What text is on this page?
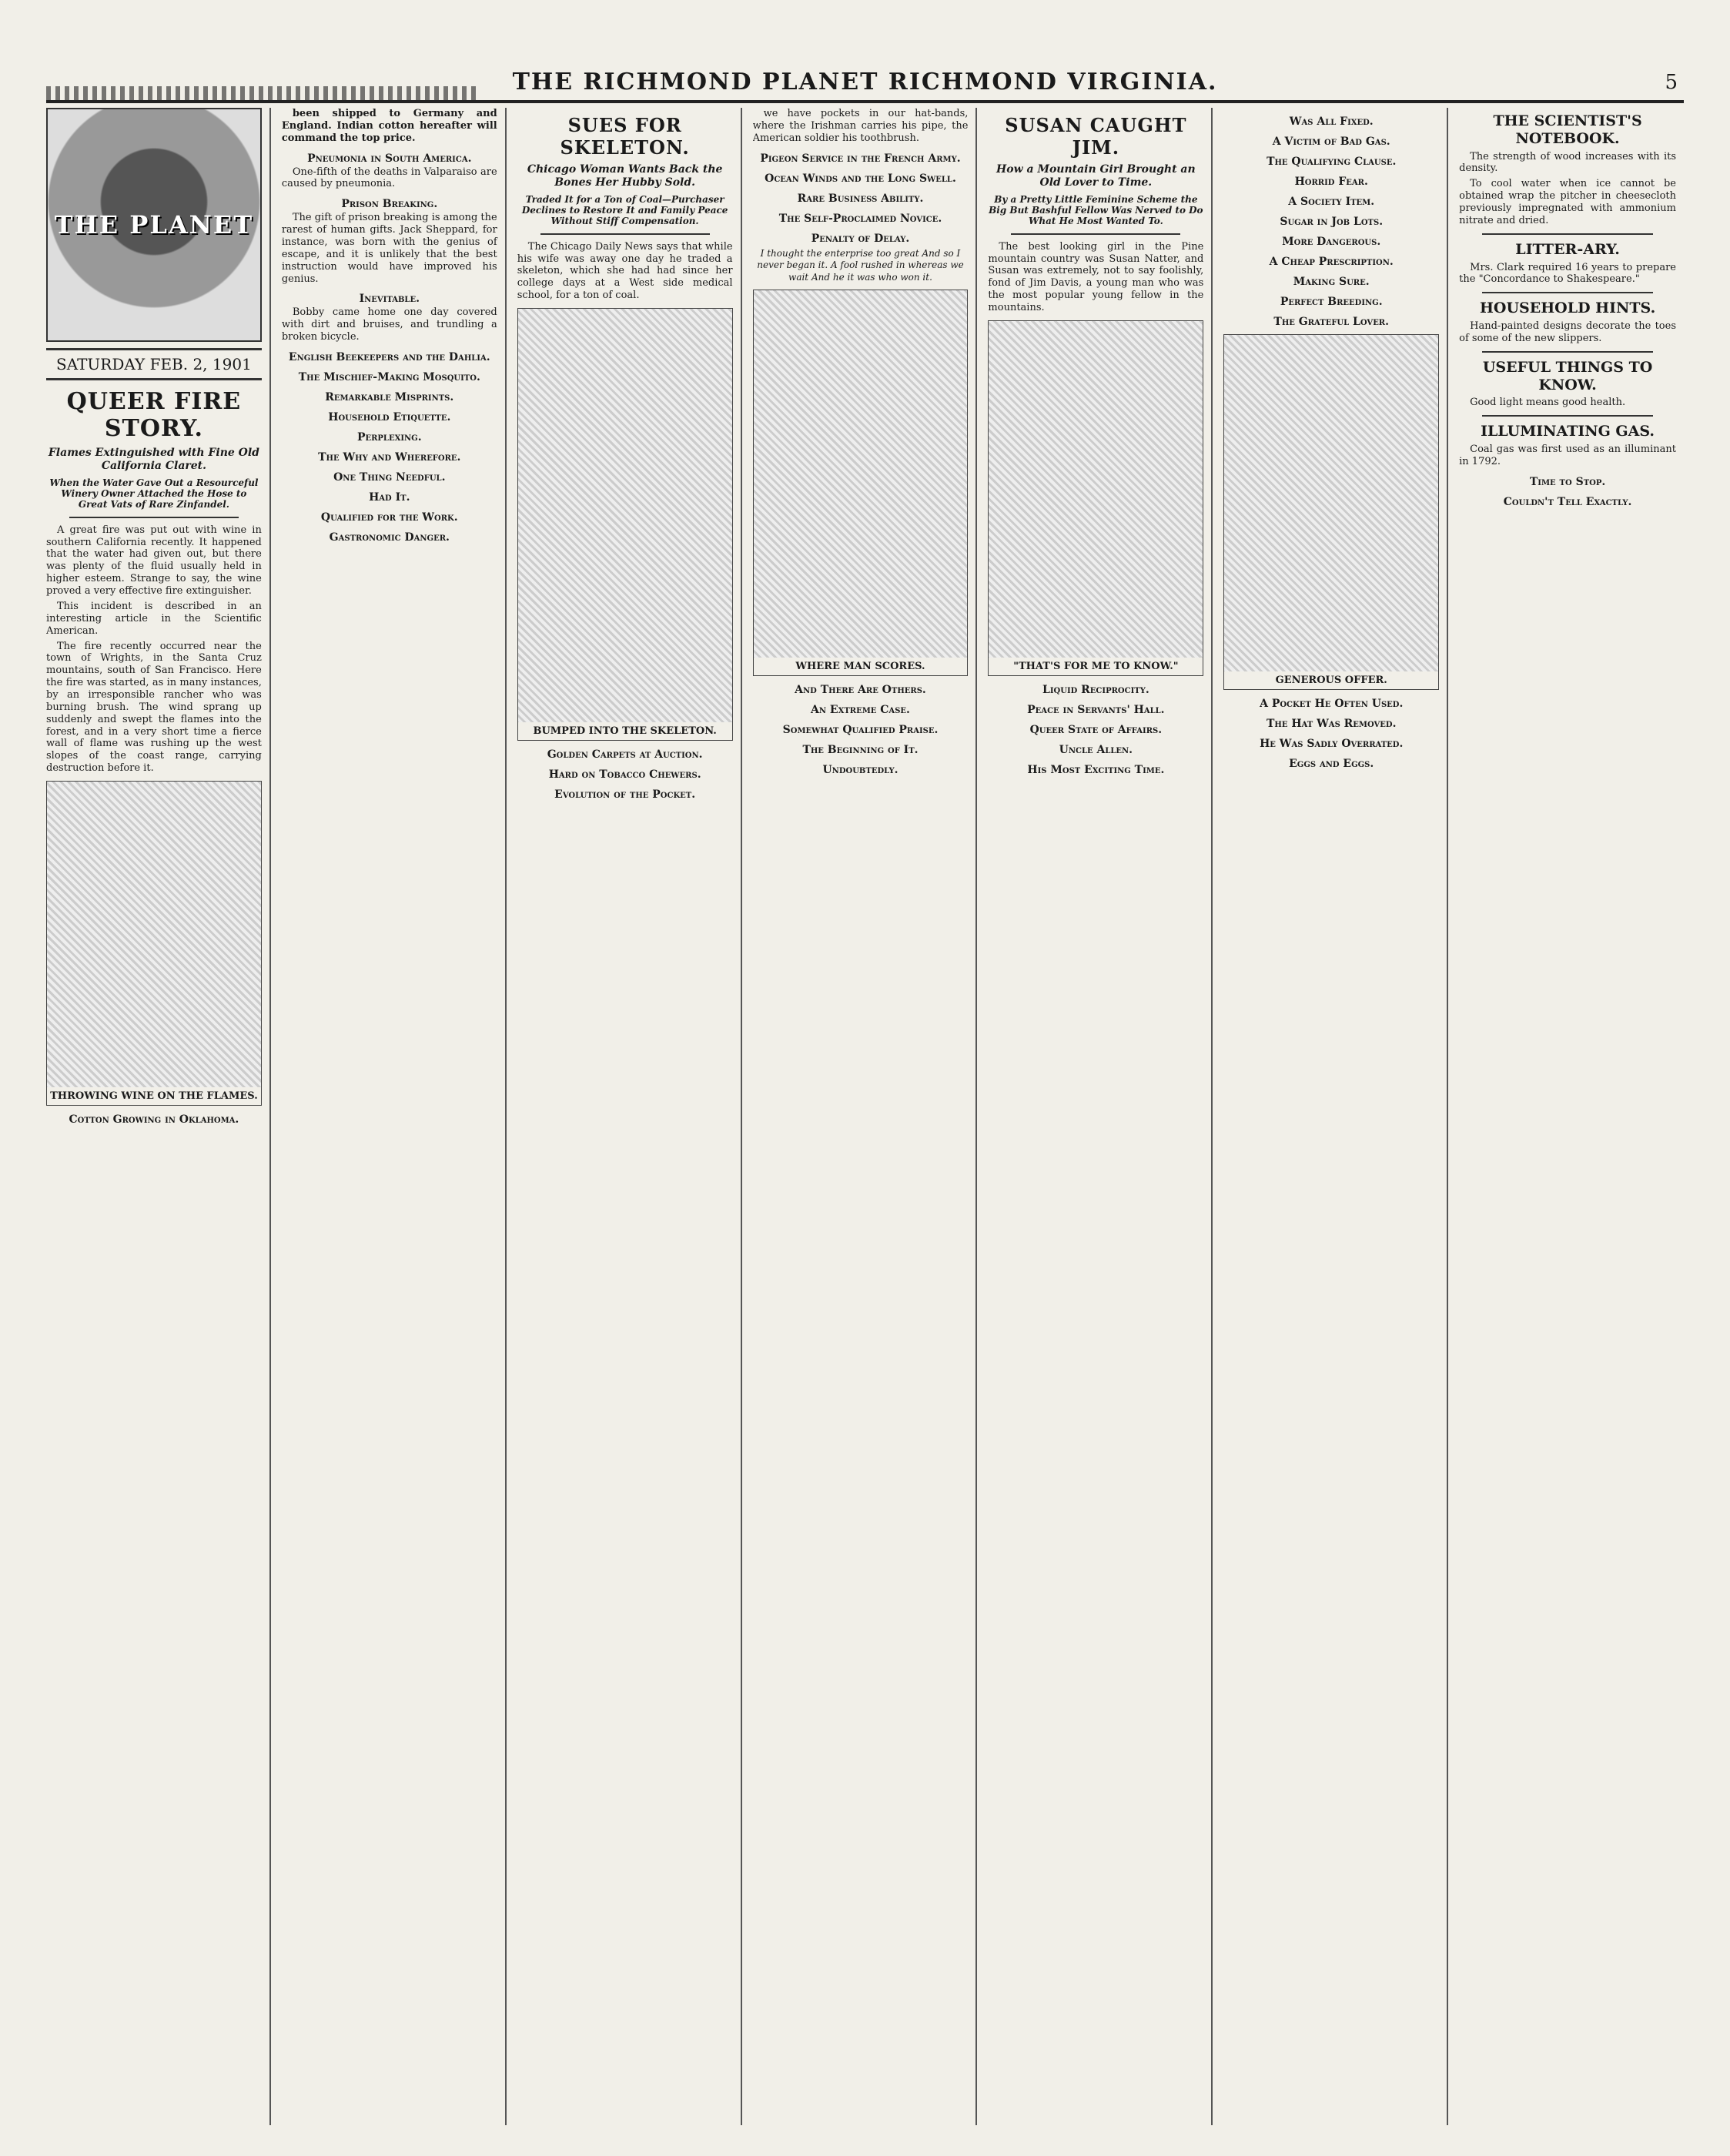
THE RICHMOND PLANET RICHMOND VIRGINIA.	5
THE PLANET
SATURDAY FEB. 2, 1901
QUEER FIRE STORY.
Flames Extinguished with Fine Old California Claret.
When the Water Gave Out a Resourceful Winery Owner Attached the Hose to Great Vats of Rare Zinfandel.

A great fire was put out with wine in southern California recently. It happened that the water had given out, but there was plenty of the fluid usually held in higher esteem. Strange to say, the wine proved a very effective fire extinguisher.

This incident is described in an interesting article in the Scientific American.

The fire recently occurred near the town of Wrights, in the Santa Cruz mountains, south of San Francisco. Here the fire was started, as in many instances, by an irresponsible rancher who was burning brush. The wind sprang up suddenly and swept the flames into the forest, and in a very short time a fierce wall of flame was rushing up the west slopes of the coast range, carrying destruction before it.

THROWING WINE ON THE FLAMES.
Cotton Growing in Oklahoma.

been shipped to Germany and England. Indian cotton hereafter will command the top price.

Pneumonia in South America.

One-fifth of the deaths in Valparaiso are caused by pneumonia.

Prison Breaking.

The gift of prison breaking is among the rarest of human gifts. Jack Sheppard, for instance, was born with the genius of escape, and it is unlikely that the best instruction would have improved his genius.

Inevitable.

Bobby came home one day covered with dirt and bruises, and trundling a broken bicycle.

English Beekeepers and the Dahlia.
The Mischief-Making Mosquito.
Remarkable Misprints.
Household Etiquette.
Perplexing.
The Why and Wherefore.
One Thing Needful.
Had It.
Qualified for the Work.
Gastronomic Danger.
SUES FOR SKELETON.
Chicago Woman Wants Back the Bones Her Hubby Sold.
Traded It for a Ton of Coal—Purchaser Declines to Restore It and Family Peace Without Stiff Compensation.

The Chicago Daily News says that while his wife was away one day he traded a skeleton, which she had had since her college days at a West side medical school, for a ton of coal.

BUMPED INTO THE SKELETON.
Golden Carpets at Auction.
Hard on Tobacco Chewers.
Evolution of the Pocket.

we have pockets in our hat-bands, where the Irishman carries his pipe, the American soldier his toothbrush.

Pigeon Service in the French Army.
Ocean Winds and the Long Swell.
Rare Business Ability.
The Self-Proclaimed Novice.
Penalty of Delay.
I thought the enterprise too great And so I never began it. A fool rushed in whereas we wait And he it was who won it.
WHERE MAN SCORES.
And There Are Others.
An Extreme Case.
Somewhat Qualified Praise.
The Beginning of It.
Undoubtedly.
SUSAN CAUGHT JIM.
How a Mountain Girl Brought an Old Lover to Time.
By a Pretty Little Feminine Scheme the Big But Bashful Fellow Was Nerved to Do What He Most Wanted To.

The best looking girl in the Pine mountain country was Susan Natter, and Susan was extremely, not to say foolishly, fond of Jim Davis, a young man who was the most popular young fellow in the mountains.

"THAT'S FOR ME TO KNOW."
Liquid Reciprocity.
Peace in Servants' Hall.
Queer State of Affairs.
Uncle Allen.
His Most Exciting Time.
Was All Fixed.
A Victim of Bad Gas.
The Qualifying Clause.
Horrid Fear.
A Society Item.
Sugar in Job Lots.
More Dangerous.
A Cheap Prescription.
Making Sure.
Perfect Breeding.
The Grateful Lover.
GENEROUS OFFER.
A Pocket He Often Used.
The Hat Was Removed.
He Was Sadly Overrated.
Eggs and Eggs.
THE SCIENTIST'S NOTEBOOK.

The strength of wood increases with its density.

To cool water when ice cannot be obtained wrap the pitcher in cheesecloth previously impregnated with ammonium nitrate and dried.

LITTER-ARY.

Mrs. Clark required 16 years to prepare the "Concordance to Shakespeare."

HOUSEHOLD HINTS.

Hand-painted designs decorate the toes of some of the new slippers.

USEFUL THINGS TO KNOW.

Good light means good health.

ILLUMINATING GAS.

Coal gas was first used as an illuminant in 1792.

Time to Stop.
Couldn't Tell Exactly.
